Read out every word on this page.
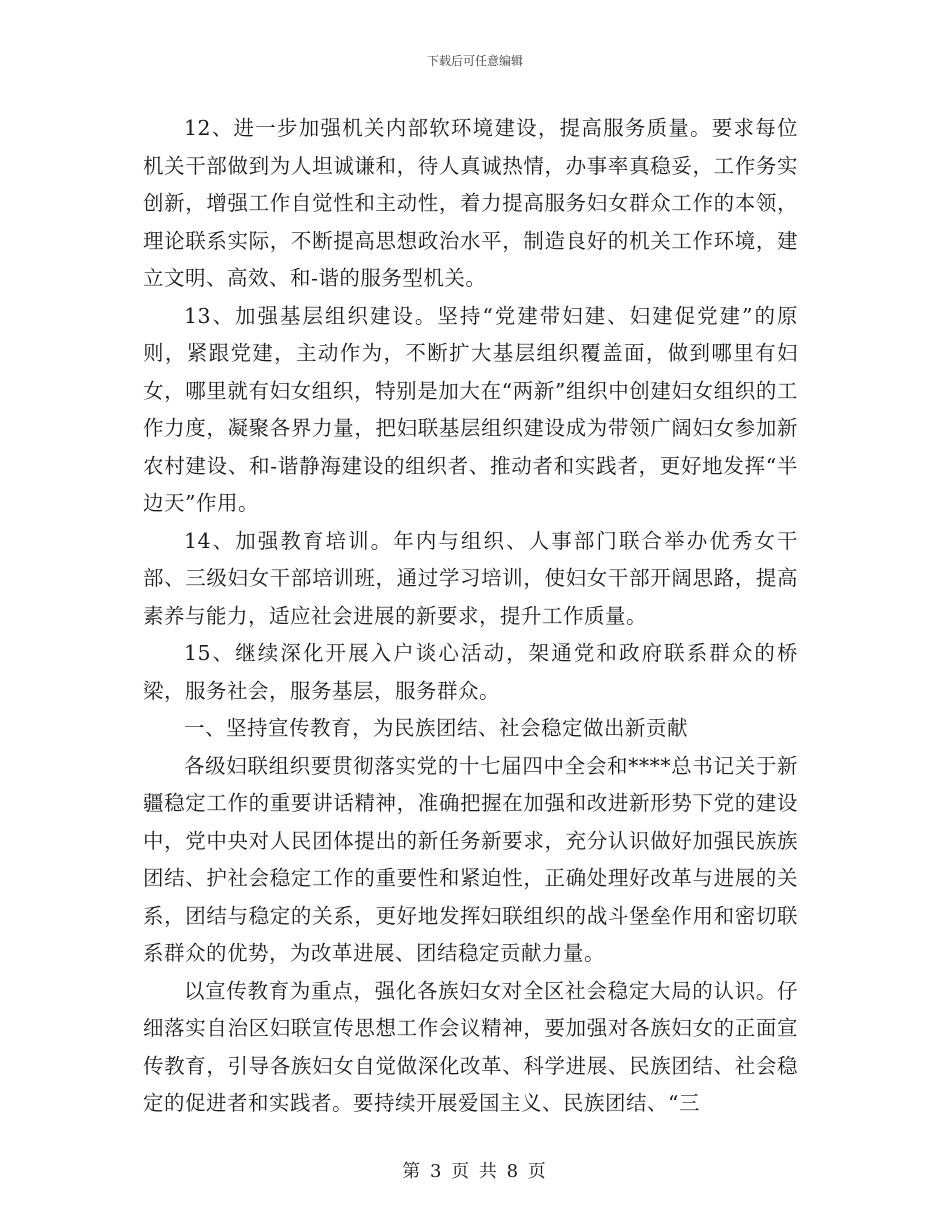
下载后可任意编辑

12、进一步加强机关内部软环境建设，提高服务质量。要求每位机关干部做到为人坦诚谦和，待人真诚热情，办事率真稳妥，工作务实创新，增强工作自觉性和主动性，着力提高服务妇女群众工作的本领，理论联系实际，不断提高思想政治水平，制造良好的机关工作环境，建立文明、高效、和-谐的服务型机关。

13、加强基层组织建设。坚持“党建带妇建、妇建促党建”的原则，紧跟党建，主动作为，不断扩大基层组织覆盖面，做到哪里有妇女，哪里就有妇女组织，特别是加大在“两新”组织中创建妇女组织的工作力度，凝聚各界力量，把妇联基层组织建设成为带领广阔妇女参加新农村建设、和-谐静海建设的组织者、推动者和实践者，更好地发挥“半边天”作用。

14、加强教育培训。年内与组织、人事部门联合举办优秀女干部、三级妇女干部培训班，通过学习培训，使妇女干部开阔思路，提高素养与能力，适应社会进展的新要求，提升工作质量。

15、继续深化开展入户谈心活动，架通党和政府联系群众的桥梁，服务社会，服务基层，服务群众。

一、坚持宣传教育，为民族团结、社会稳定做出新贡献

各级妇联组织要贯彻落实党的十七届四中全会和****总书记关于新疆稳定工作的重要讲话精神，准确把握在加强和改进新形势下党的建设中，党中央对人民团体提出的新任务新要求，充分认识做好加强民族族团结、护社会稳定工作的重要性和紧迫性，正确处理好改革与进展的关系，团结与稳定的关系，更好地发挥妇联组织的战斗堡垒作用和密切联系群众的优势，为改革进展、团结稳定贡献力量。

以宣传教育为重点，强化各族妇女对全区社会稳定大局的认识。仔细落实自治区妇联宣传思想工作会议精神，要加强对各族妇女的正面宣传教育，引导各族妇女自觉做深化改革、科学进展、民族团结、社会稳定的促进者和实践者。要持续开展爱国主义、民族团结、“三

第 3 页 共 8 页
